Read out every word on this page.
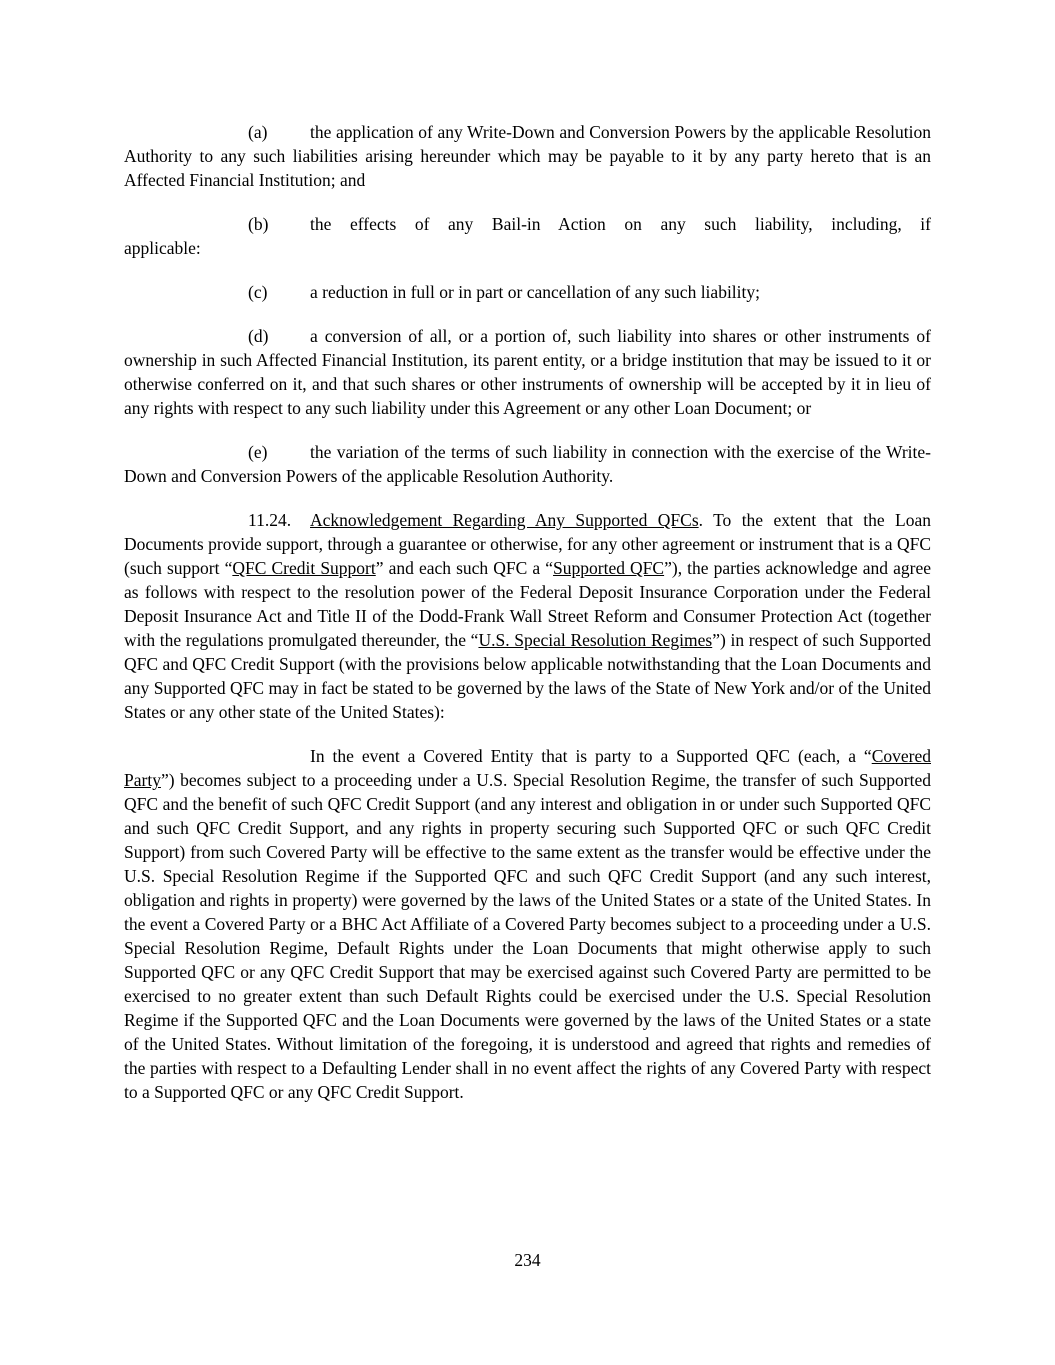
(a) the application of any Write-Down and Conversion Powers by the applicable Resolution Authority to any such liabilities arising hereunder which may be payable to it by any party hereto that is an Affected Financial Institution; and

(b) the effects of any Bail-in Action on any such liability, including, if
applicable:

(c) a reduction in full or in part or cancellation of any such liability;

(d) a conversion of all, or a portion of, such liability into shares or other instruments of ownership in such Affected Financial Institution, its parent entity, or a bridge institution that may be issued to it or otherwise conferred on it, and that such shares or other instruments of ownership will be accepted by it in lieu of any rights with respect to any such liability under this Agreement or any other Loan Document; or

(e) the variation of the terms of such liability in connection with the exercise of the Write-Down and Conversion Powers of the applicable Resolution Authority.

11.24. Acknowledgement Regarding Any Supported QFCs. To the extent that the Loan Documents provide support, through a guarantee or otherwise, for any other agreement or instrument that is a QFC (such support “QFC Credit Support” and each such QFC a “Supported QFC”), the parties acknowledge and agree as follows with respect to the resolution power of the Federal Deposit Insurance Corporation under the Federal Deposit Insurance Act and Title II of the Dodd-Frank Wall Street Reform and Consumer Protection Act (together with the regulations promulgated thereunder, the “U.S. Special Resolution Regimes”) in respect of such Supported QFC and QFC Credit Support (with the provisions below applicable notwithstanding that the Loan Documents and any Supported QFC may in fact be stated to be governed by the laws of the State of New York and/or of the United States or any other state of the United States):

In the event a Covered Entity that is party to a Supported QFC (each, a “Covered Party”) becomes subject to a proceeding under a U.S. Special Resolution Regime, the transfer of such Supported QFC and the benefit of such QFC Credit Support (and any interest and obligation in or under such Supported QFC and such QFC Credit Support, and any rights in property securing such Supported QFC or such QFC Credit Support) from such Covered Party will be effective to the same extent as the transfer would be effective under the U.S. Special Resolution Regime if the Supported QFC and such QFC Credit Support (and any such interest, obligation and rights in property) were governed by the laws of the United States or a state of the United States. In the event a Covered Party or a BHC Act Affiliate of a Covered Party becomes subject to a proceeding under a U.S. Special Resolution Regime, Default Rights under the Loan Documents that might otherwise apply to such Supported QFC or any QFC Credit Support that may be exercised against such Covered Party are permitted to be exercised to no greater extent than such Default Rights could be exercised under the U.S. Special Resolution Regime if the Supported QFC and the Loan Documents were governed by the laws of the United States or a state of the United States. Without limitation of the foregoing, it is understood and agreed that rights and remedies of the parties with respect to a Defaulting Lender shall in no event affect the rights of any Covered Party with respect to a Supported QFC or any QFC Credit Support.

234
